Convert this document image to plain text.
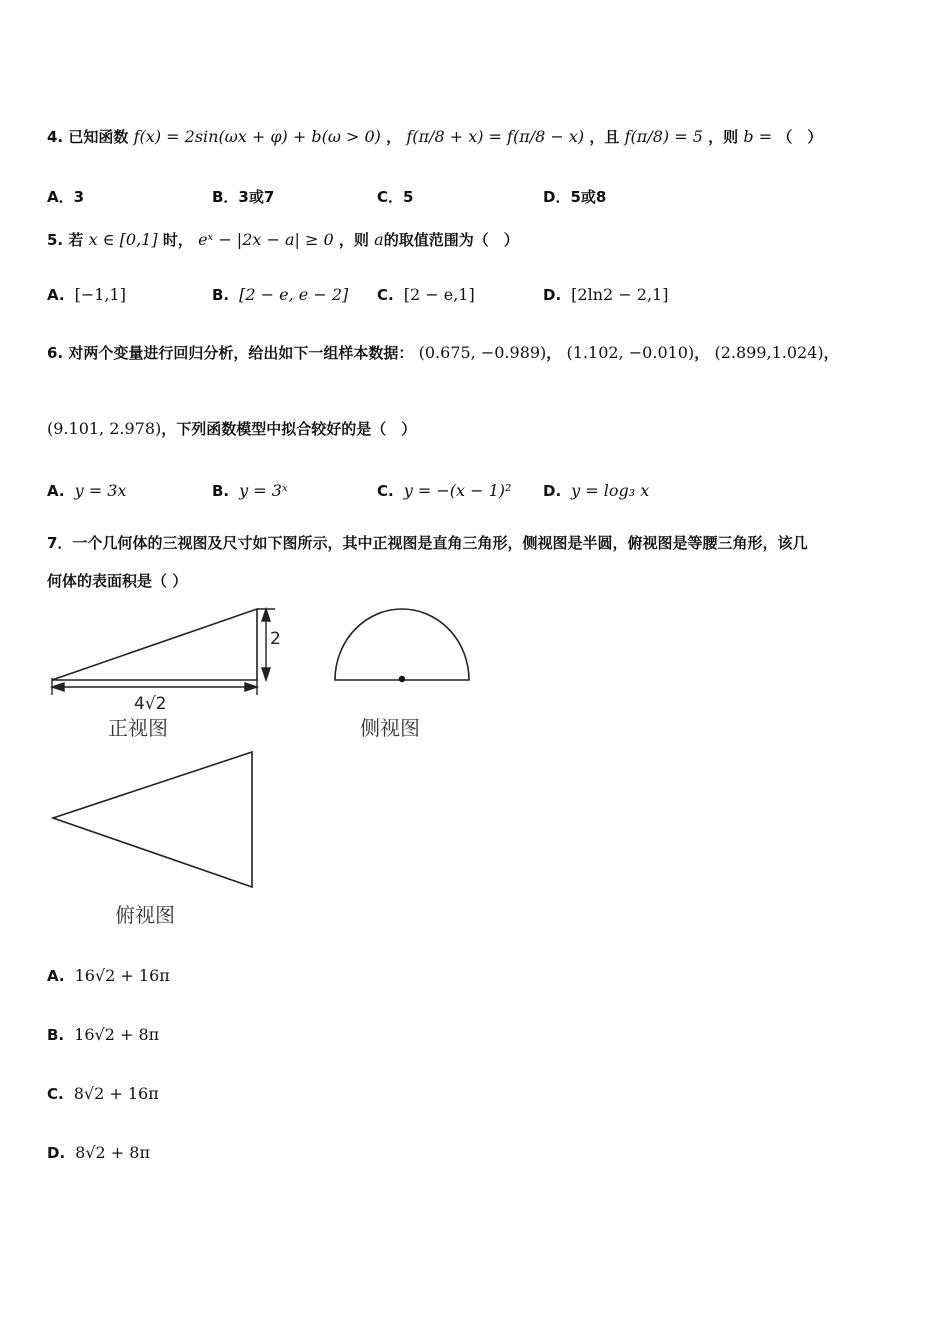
4. 已知函数 f(x) = 2sin(ωx + φ) + b(ω > 0) ， f(π/8 + x) = f(π/8 − x) ，且 f(π/8) = 5 ，则 b = （　）
A．3	B．3或7	C．5	D．5或8
5. 若 x ∈ [0,1] 时， eˣ − |2x − a| ≥ 0 ，则 a的取值范围为（　）
A. [−1,1]	B. [2 − e, e − 2] C. [2 − e,1]	D. [2ln2 − 2,1]
6. 对两个变量进行回归分析，给出如下一组样本数据： (0.675, −0.989)， (1.102, −0.010)， (2.899,1.024)，
(9.101, 2.978)，下列函数模型中拟合较好的是（　）
A. y = 3x	B. y = 3ˣ	C. y = −(x − 1)² D. y = log₃ x
7．一个几何体的三视图及尺寸如下图所示，其中正视图是直角三角形，侧视图是半圆，俯视图是等腰三角形，该几
何体的表面积是（ ）
2
4√2
正视图	侧视图
俯视图
A. 16√2 + 16π
B. 16√2 + 8π
C. 8√2 + 16π
D. 8√2 + 8π
